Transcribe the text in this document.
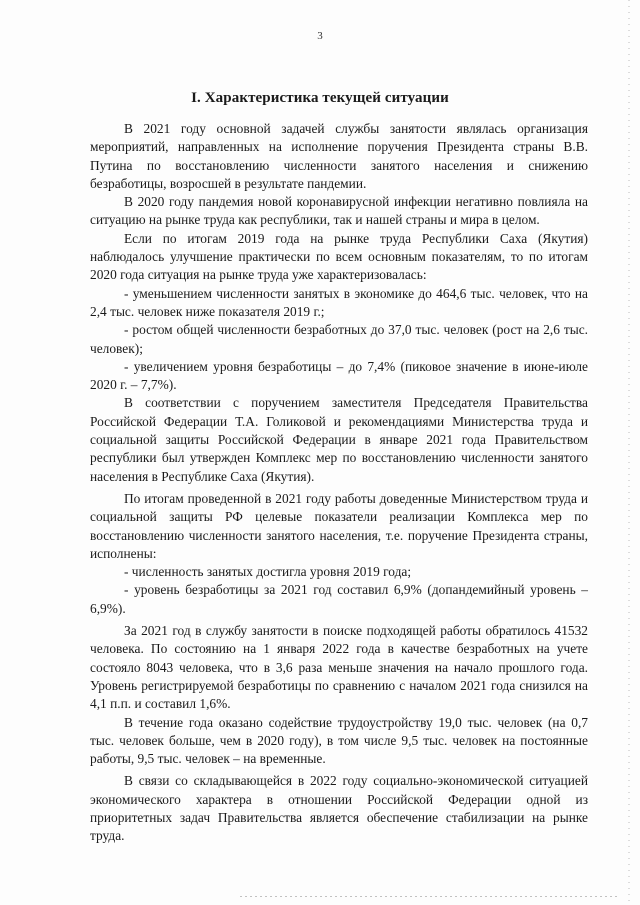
3
I. Характеристика текущей ситуации

В 2021 году основной задачей службы занятости являлась организация мероприятий, направленных на исполнение поручения Президента страны В.В. Путина по восстановлению численности занятого населения и снижению безработицы, возросшей в результате пандемии.

В 2020 году пандемия новой коронавирусной инфекции негативно повлияла на ситуацию на рынке труда как республики, так и нашей страны и мира в целом.

Если по итогам 2019 года на рынке труда Республики Саха (Якутия) наблюдалось улучшение практически по всем основным показателям, то по итогам 2020 года ситуация на рынке труда уже характеризовалась:

- уменьшением численности занятых в экономике до 464,6 тыс. человек, что на 2,4 тыс. человек ниже показателя 2019 г.;

- ростом общей численности безработных до 37,0 тыс. человек (рост на 2,6 тыс. человек);

- увеличением уровня безработицы – до 7,4% (пиковое значение в июне-июле 2020 г. – 7,7%).

В соответствии с поручением заместителя Председателя Правительства Российской Федерации Т.А. Голиковой и рекомендациями Министерства труда и социальной защиты Российской Федерации в январе 2021 года Правительством республики был утвержден Комплекс мер по восстановлению численности занятого населения в Республике Саха (Якутия).

По итогам проведенной в 2021 году работы доведенные Министерством труда и социальной защиты РФ целевые показатели реализации Комплекса мер по восстановлению численности занятого населения, т.е. поручение Президента страны, исполнены:

- численность занятых достигла уровня 2019 года;

- уровень безработицы за 2021 год составил 6,9% (допандемийный уровень – 6,9%).

За 2021 год в службу занятости в поиске подходящей работы обратилось 41532 человека. По состоянию на 1 января 2022 года в качестве безработных на учете состояло 8043 человека, что в 3,6 раза меньше значения на начало прошлого года. Уровень регистрируемой безработицы по сравнению с началом 2021 года снизился на 4,1 п.п. и составил 1,6%.

В течение года оказано содействие трудоустройству 19,0 тыс. человек (на 0,7 тыс. человек больше, чем в 2020 году), в том числе 9,5 тыс. человек на постоянные работы, 9,5 тыс. человек – на временные.

В связи со складывающейся в 2022 году социально-экономической ситуацией экономического характера в отношении Российской Федерации одной из приоритетных задач Правительства является обеспечение стабилизации на рынке труда.
